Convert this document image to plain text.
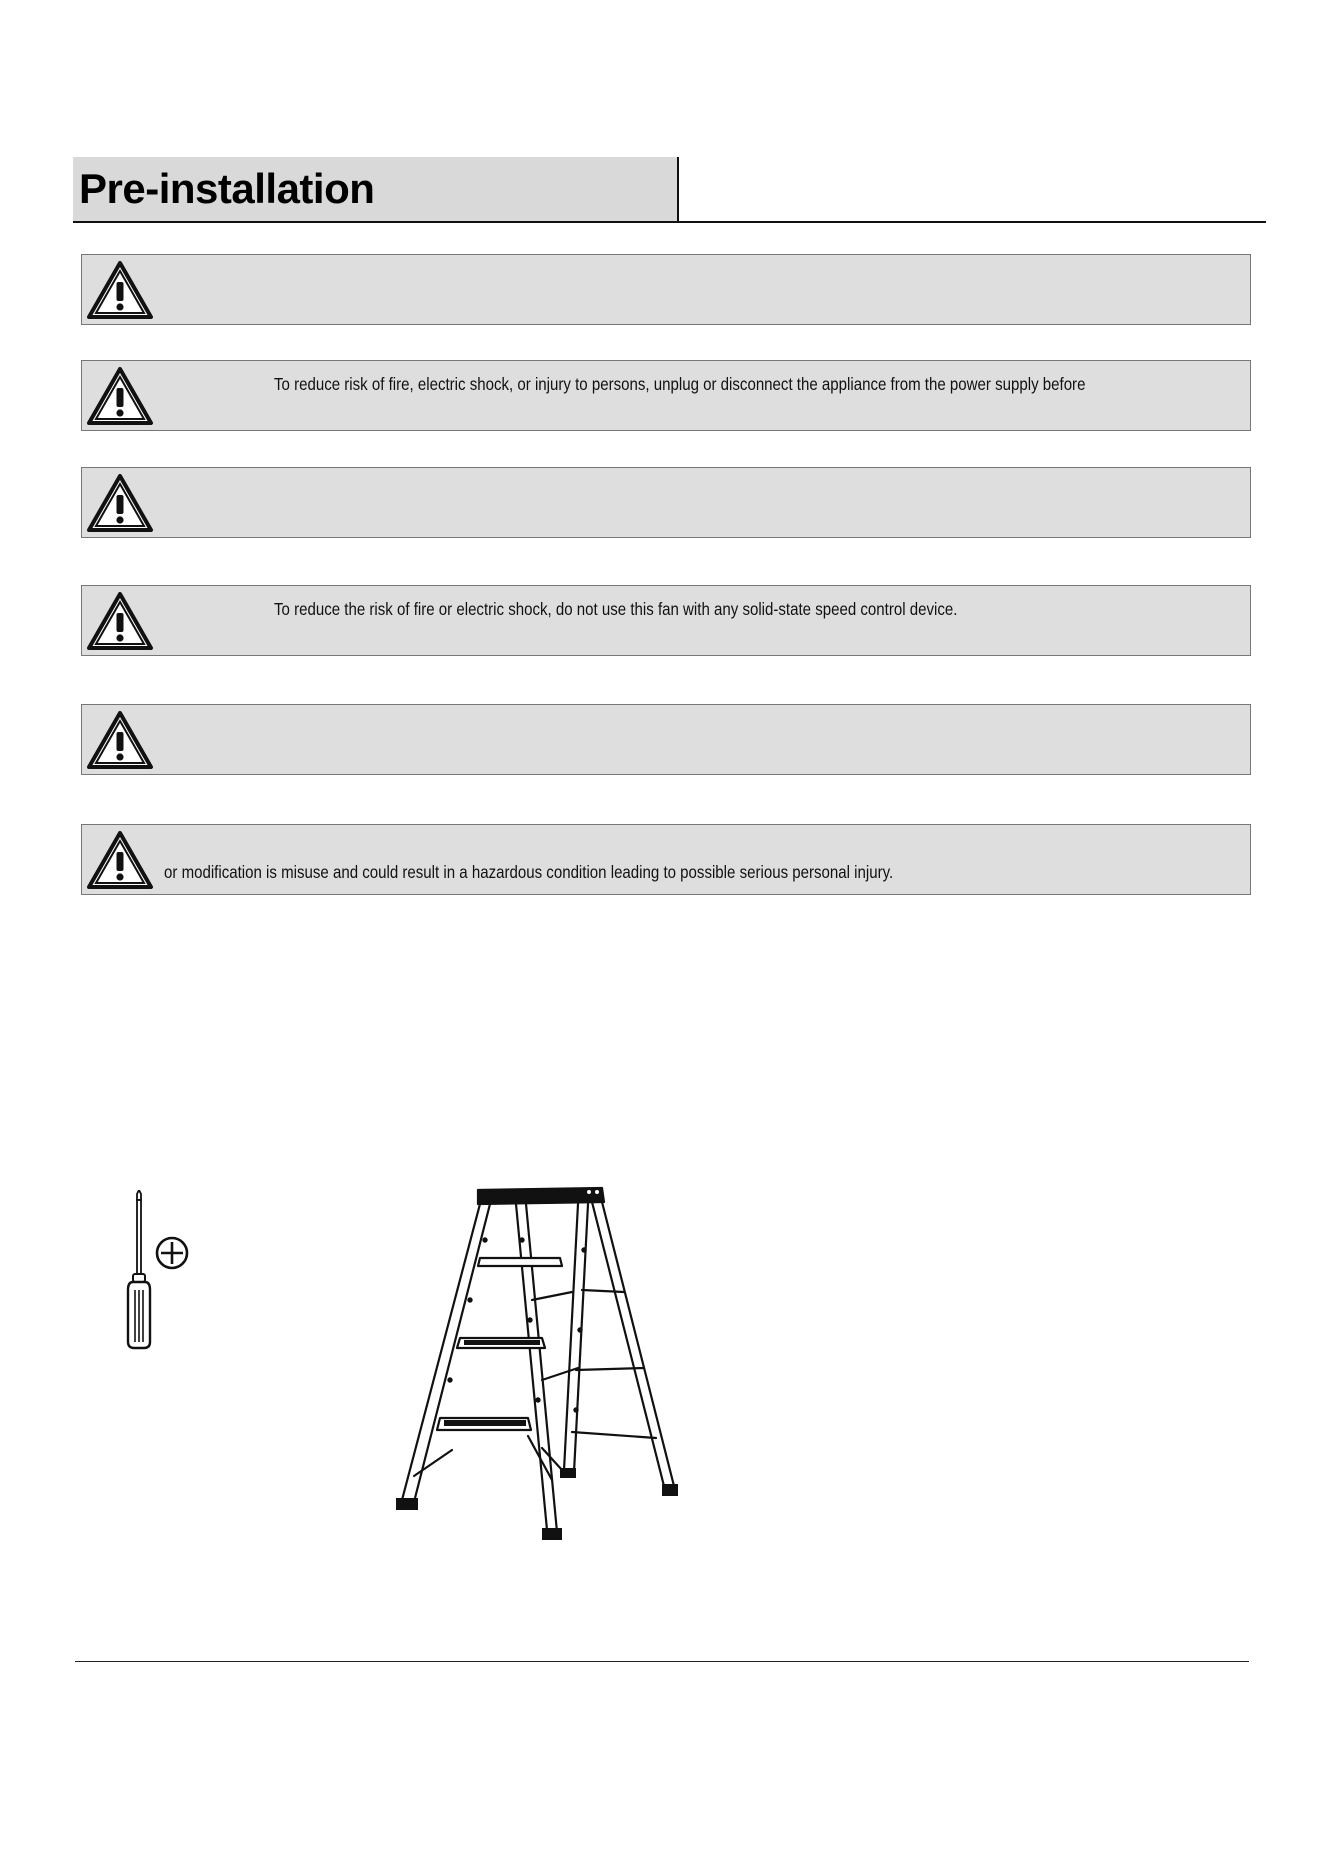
Pre-installation
To reduce risk of fire, electric shock, or injury to persons, unplug or disconnect the appliance from the power supply before
To reduce the risk of fire or electric shock, do not use this fan with any solid-state speed control device.
or modification is misuse and could result in a hazardous condition leading to possible serious personal injury.
